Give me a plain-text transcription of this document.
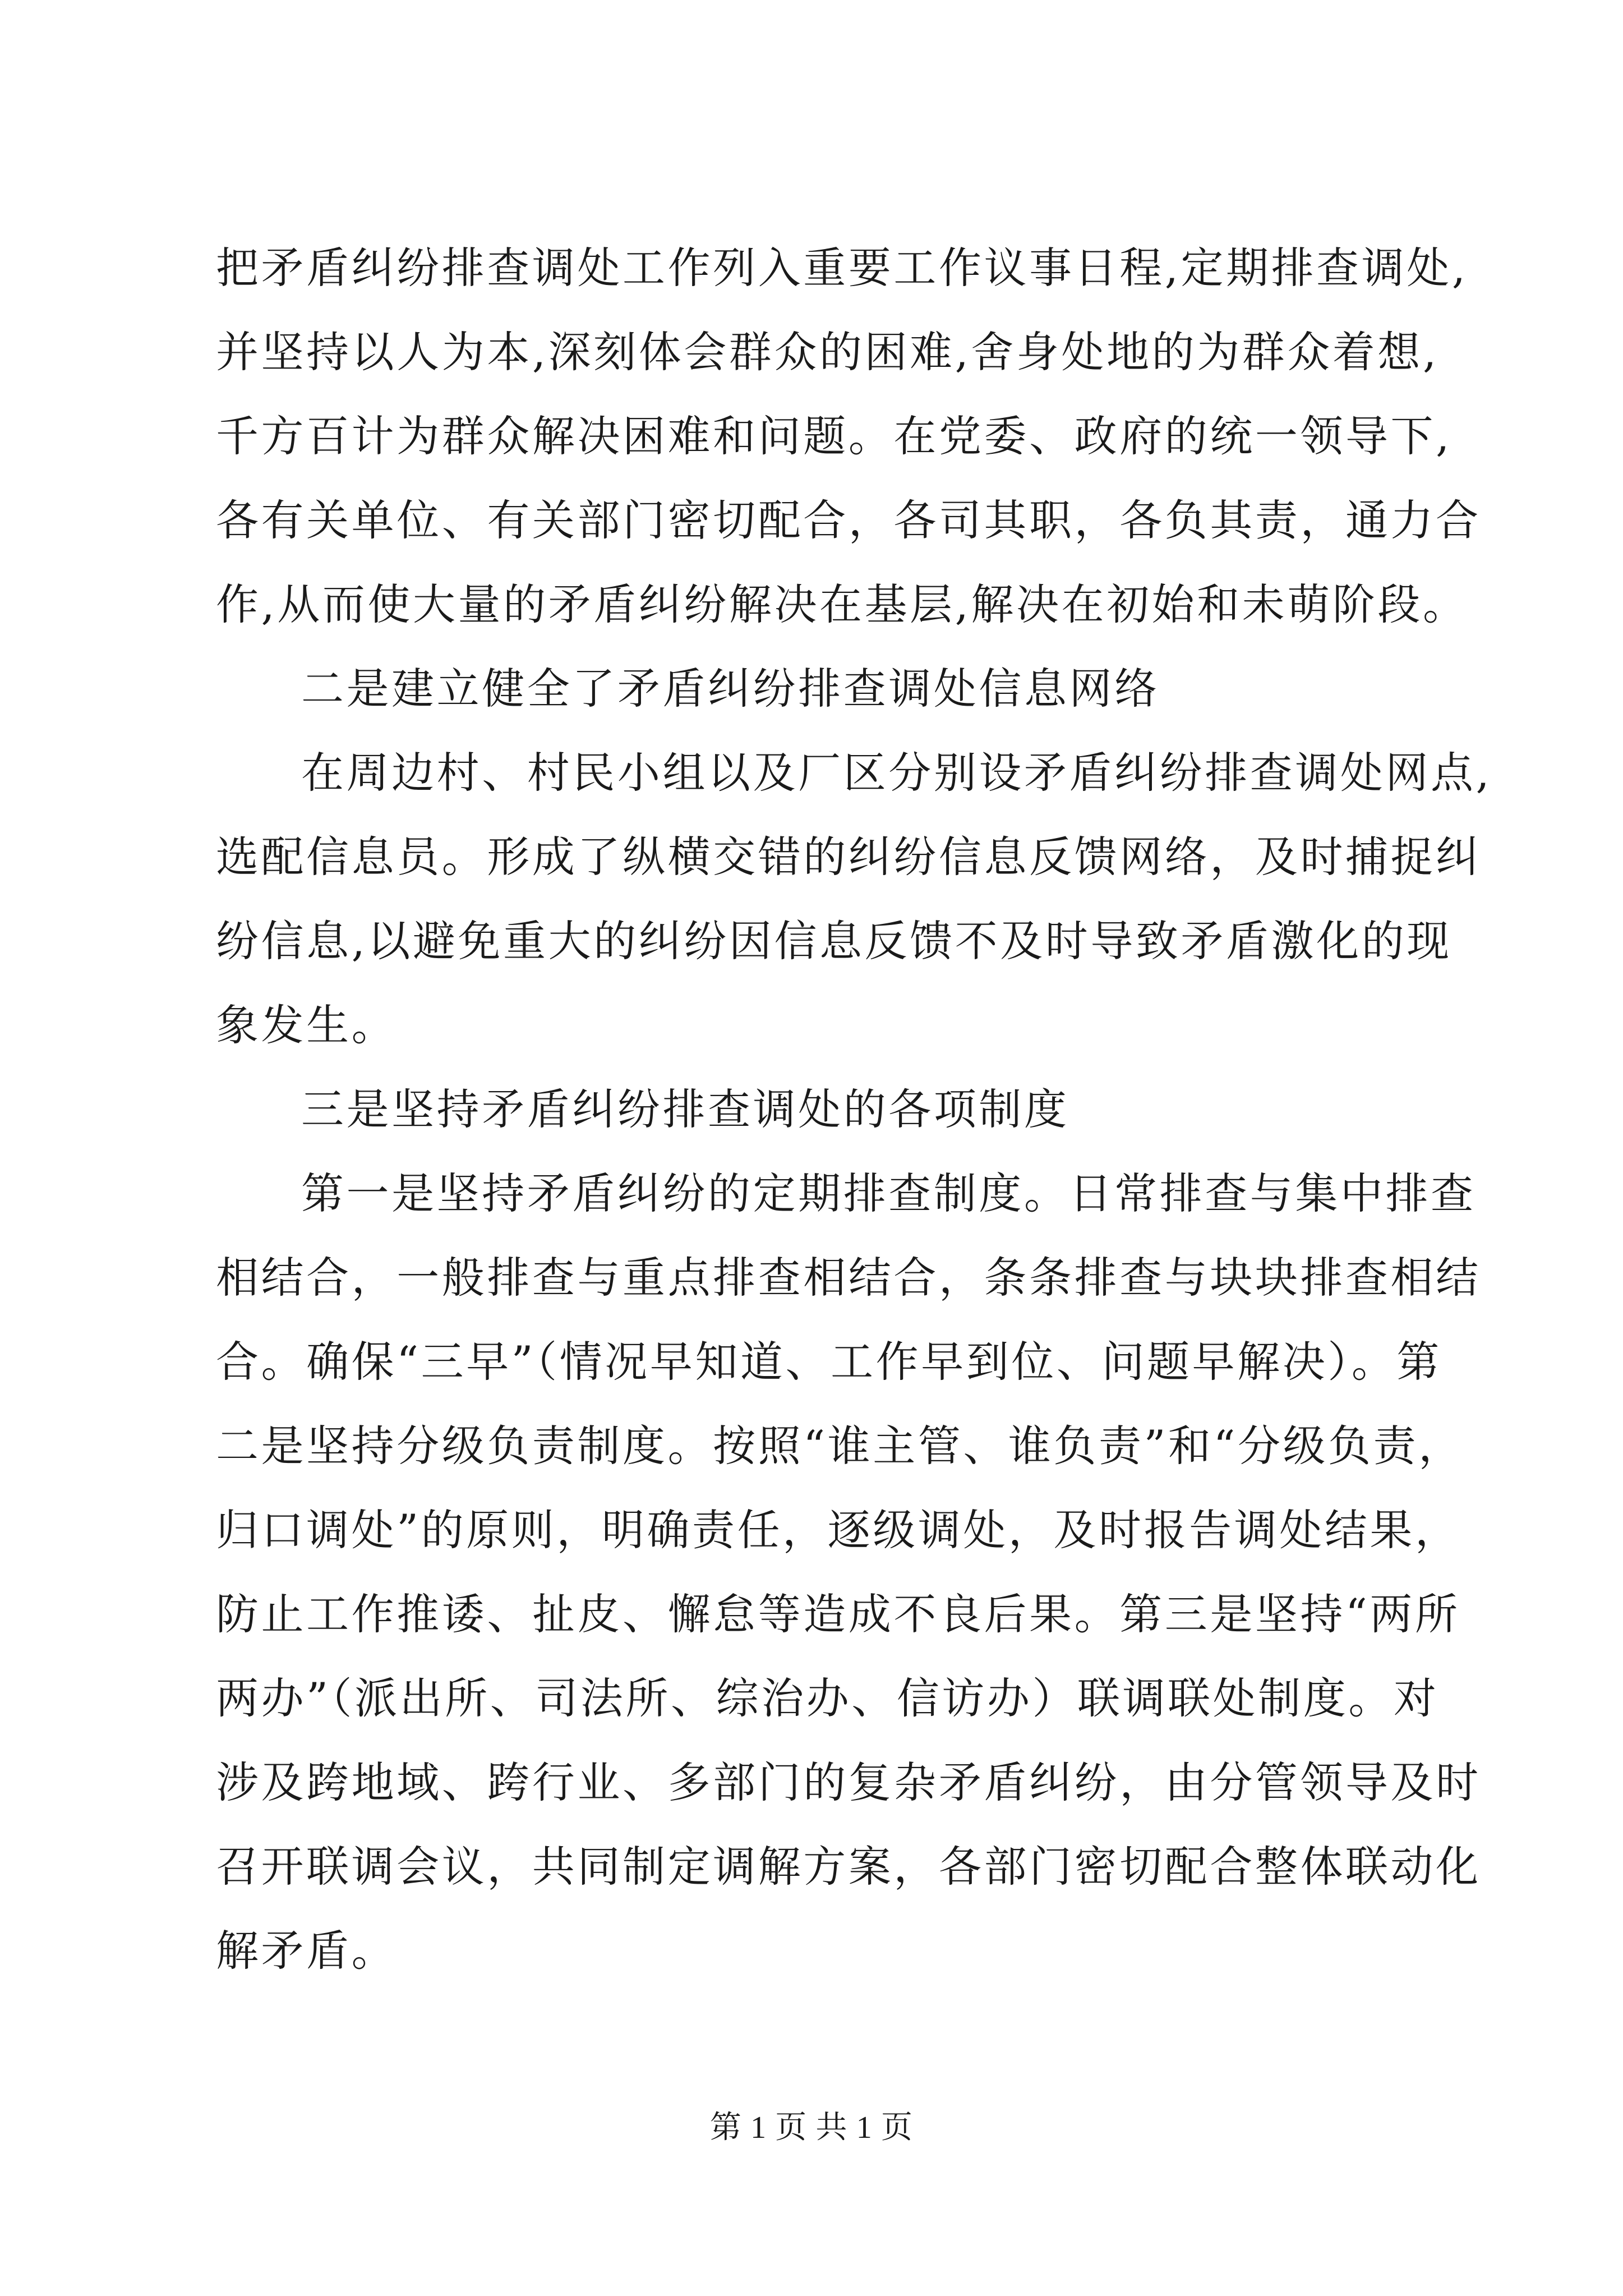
把矛盾纠纷排查调处工作列入重要工作议事日程,定期排查调处,
并坚持以人为本,深刻体会群众的困难,舍身处地的为群众着想,
千方百计为群众解决困难和问题。在党委、政府的统一领导下,
各有关单位、有关部门密切配合，各司其职，各负其责，通力合
作,从而使大量的矛盾纠纷解决在基层,解决在初始和未萌阶段。
二是建立健全了矛盾纠纷排查调处信息网络
在周边村、村民小组以及厂区分别设矛盾纠纷排查调处网点,
选配信息员。形成了纵横交错的纠纷信息反馈网络，及时捕捉纠
纷信息,以避免重大的纠纷因信息反馈不及时导致矛盾激化的现
象发生。
三是坚持矛盾纠纷排查调处的各项制度
第一是坚持矛盾纠纷的定期排查制度。日常排查与集中排查
相结合，一般排查与重点排查相结合，条条排查与块块排查相结
合。确保“三早”（情况早知道、工作早到位、问题早解决）。第
二是坚持分级负责制度。按照“谁主管、谁负责”和“分级负责，
归口调处”的原则，明确责任，逐级调处，及时报告调处结果，
防止工作推诿、扯皮、懈怠等造成不良后果。第三是坚持“两所
两办”（派出所、司法所、综治办、信访办）联调联处制度。对
涉及跨地域、跨行业、多部门的复杂矛盾纠纷，由分管领导及时
召开联调会议，共同制定调解方案，各部门密切配合整体联动化
解矛盾。
第 1 页 共 1 页
